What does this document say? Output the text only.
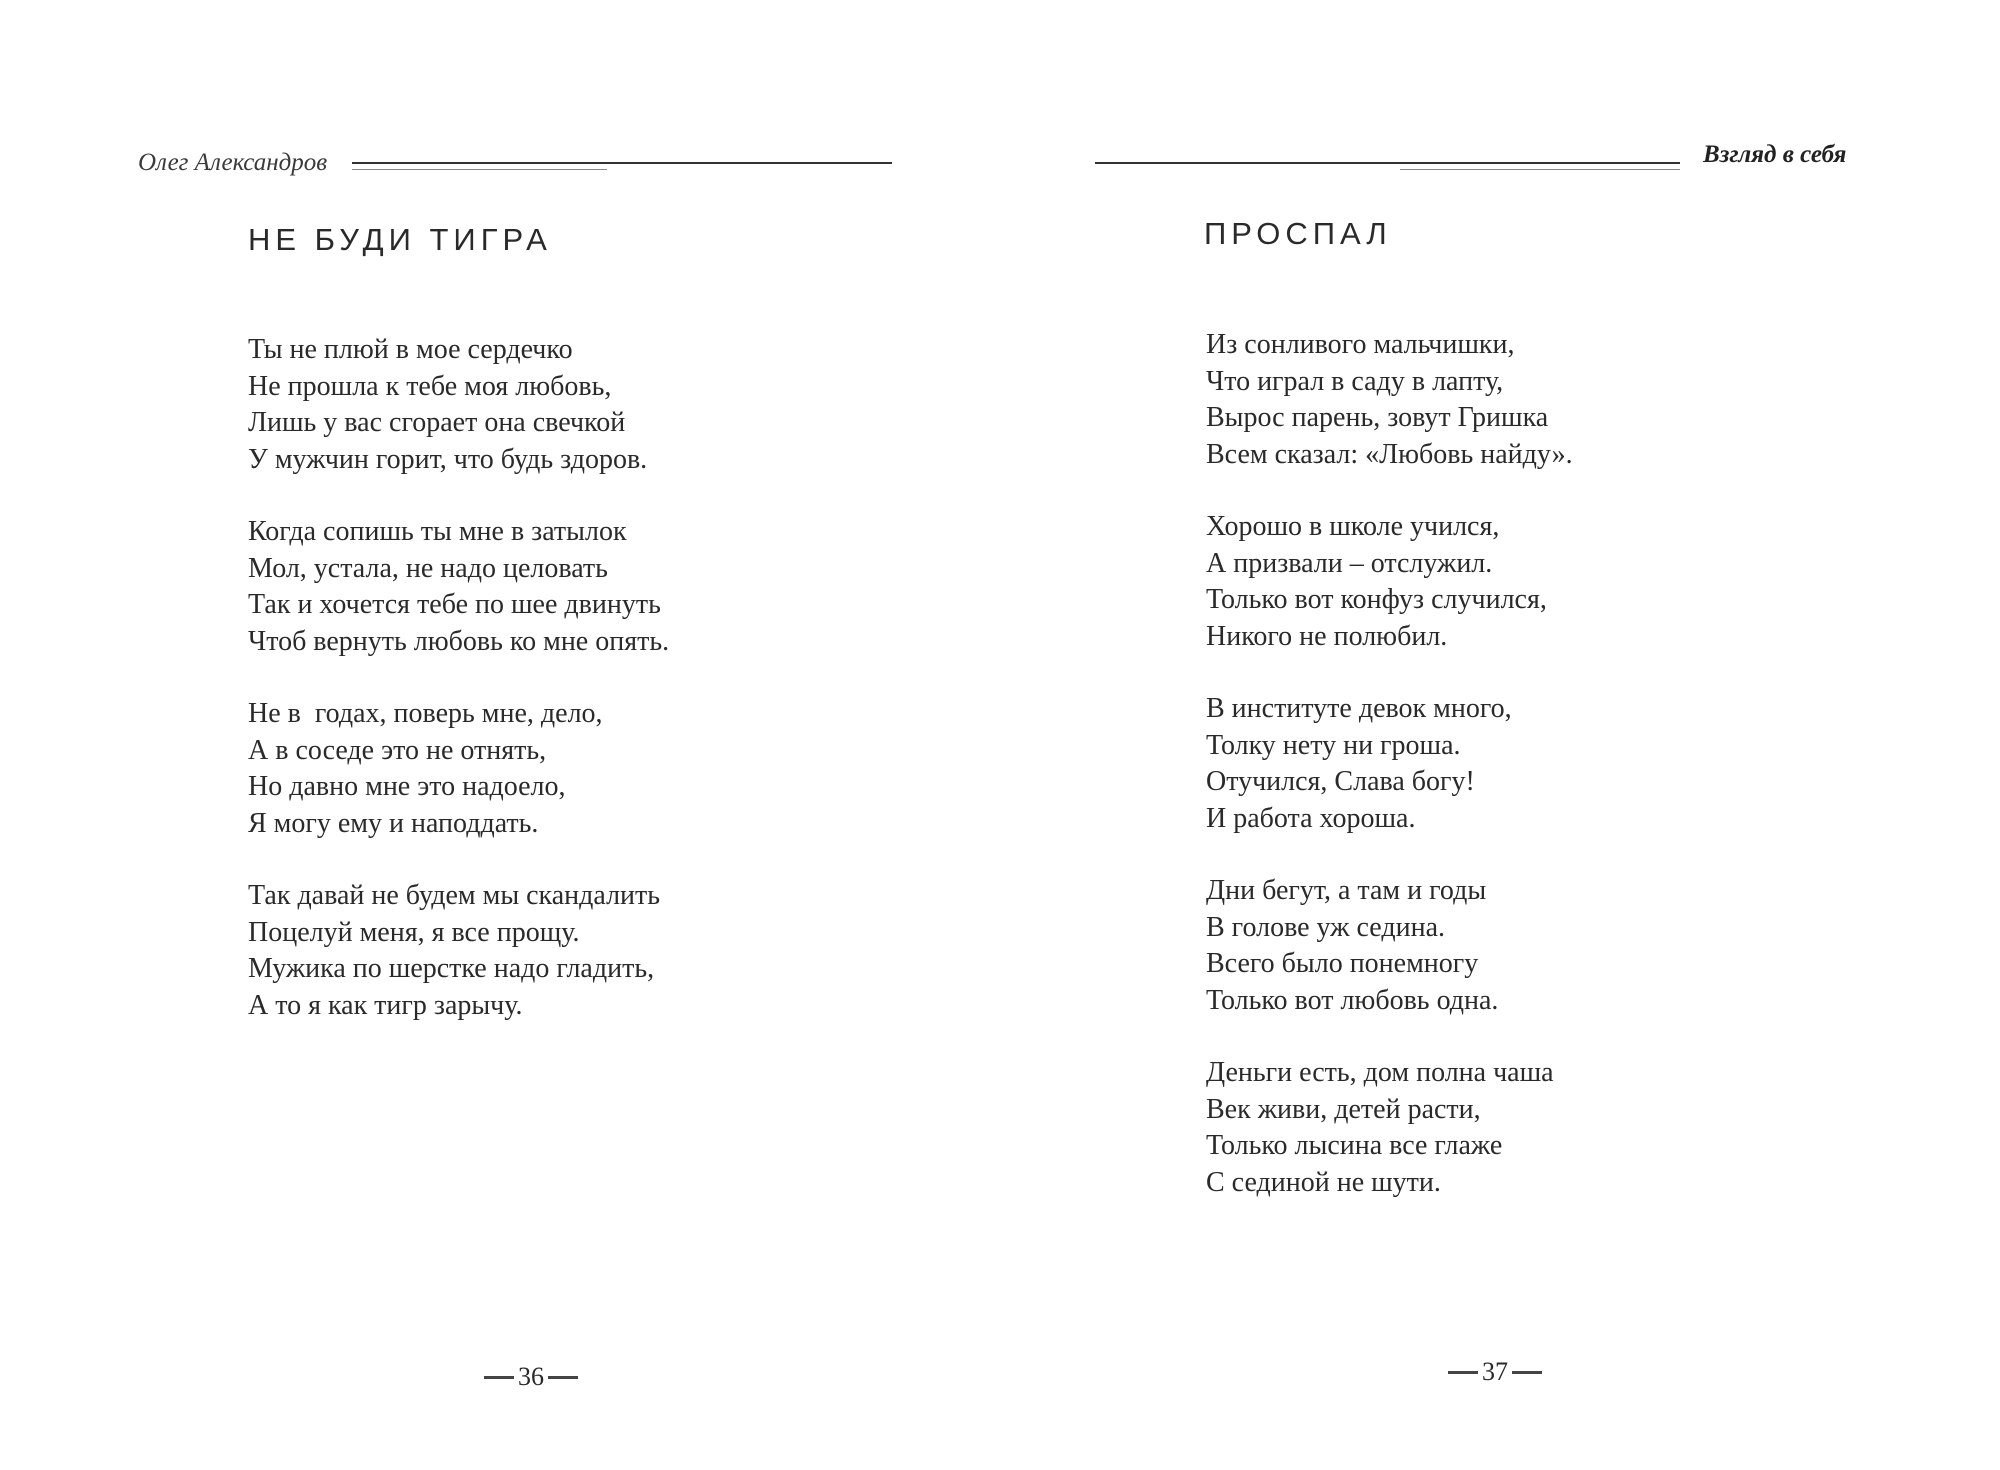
Олег Александров
НЕ БУДИ ТИГРА
Ты не плюй в мое сердечко
Не прошла к тебе моя любовь,
Лишь у вас сгорает она свечкой
У мужчин горит, что будь здоров.
Когда сопишь ты мне в затылок
Мол, устала, не надо целовать
Так и хочется тебе по шее двинуть
Чтоб вернуть любовь ко мне опять.
Не в  годах, поверь мне, дело,
А в соседе это не отнять,
Но давно мне это надоело,
Я могу ему и наподдать.
Так давай не будем мы скандалить
Поцелуй меня, я все прощу.
Мужика по шерстке надо гладить,
А то я как тигр зарычу.
36
Взгляд в себя
ПРОСПАЛ
Из сонливого мальчишки,
Что играл в саду в лапту,
Вырос парень, зовут Гришка
Всем сказал: «Любовь найду».
Хорошо в школе учился,
А призвали – отслужил.
Только вот конфуз случился,
Никого не полюбил.
В институте девок много,
Толку нету ни гроша.
Отучился, Слава богу!
И работа хороша.
Дни бегут, а там и годы
В голове уж седина.
Всего было понемногу
Только вот любовь одна.
Деньги есть, дом полна чаша
Век живи, детей расти,
Только лысина все глаже
С сединой не шути.
37
